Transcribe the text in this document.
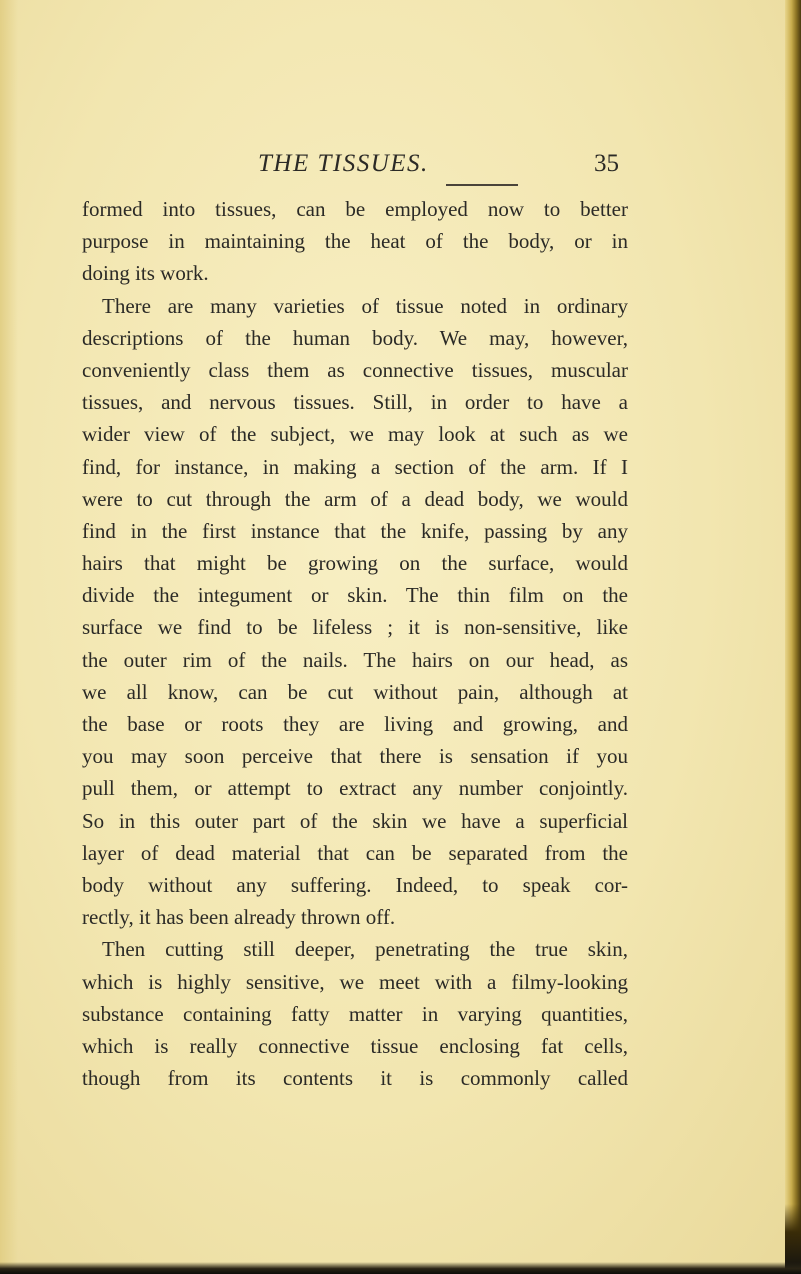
THE TISSUES.	35
formed into tissues, can be employed now to better
purpose in maintaining the heat of the body, or in
doing its work.
There are many varieties of tissue noted in ordinary
descriptions of the human body. We may, however,
conveniently class them as connective tissues, muscular
tissues, and nervous tissues. Still, in order to have a
wider view of the subject, we may look at such as we
find, for instance, in making a section of the arm. If I
were to cut through the arm of a dead body, we would
find in the first instance that the knife, passing by any
hairs that might be growing on the surface, would
divide the integument or skin. The thin film on the
surface we find to be lifeless ; it is non-sensitive, like
the outer rim of the nails. The hairs on our head, as
we all know, can be cut without pain, although at
the base or roots they are living and growing, and
you may soon perceive that there is sensation if you
pull them, or attempt to extract any number conjointly.
So in this outer part of the skin we have a superficial
layer of dead material that can be separated from the
body without any suffering. Indeed, to speak cor-
rectly, it has been already thrown off.
Then cutting still deeper, penetrating the true skin,
which is highly sensitive, we meet with a filmy-looking
substance containing fatty matter in varying quantities,
which is really connective tissue enclosing fat cells,
though from its contents it is commonly called
